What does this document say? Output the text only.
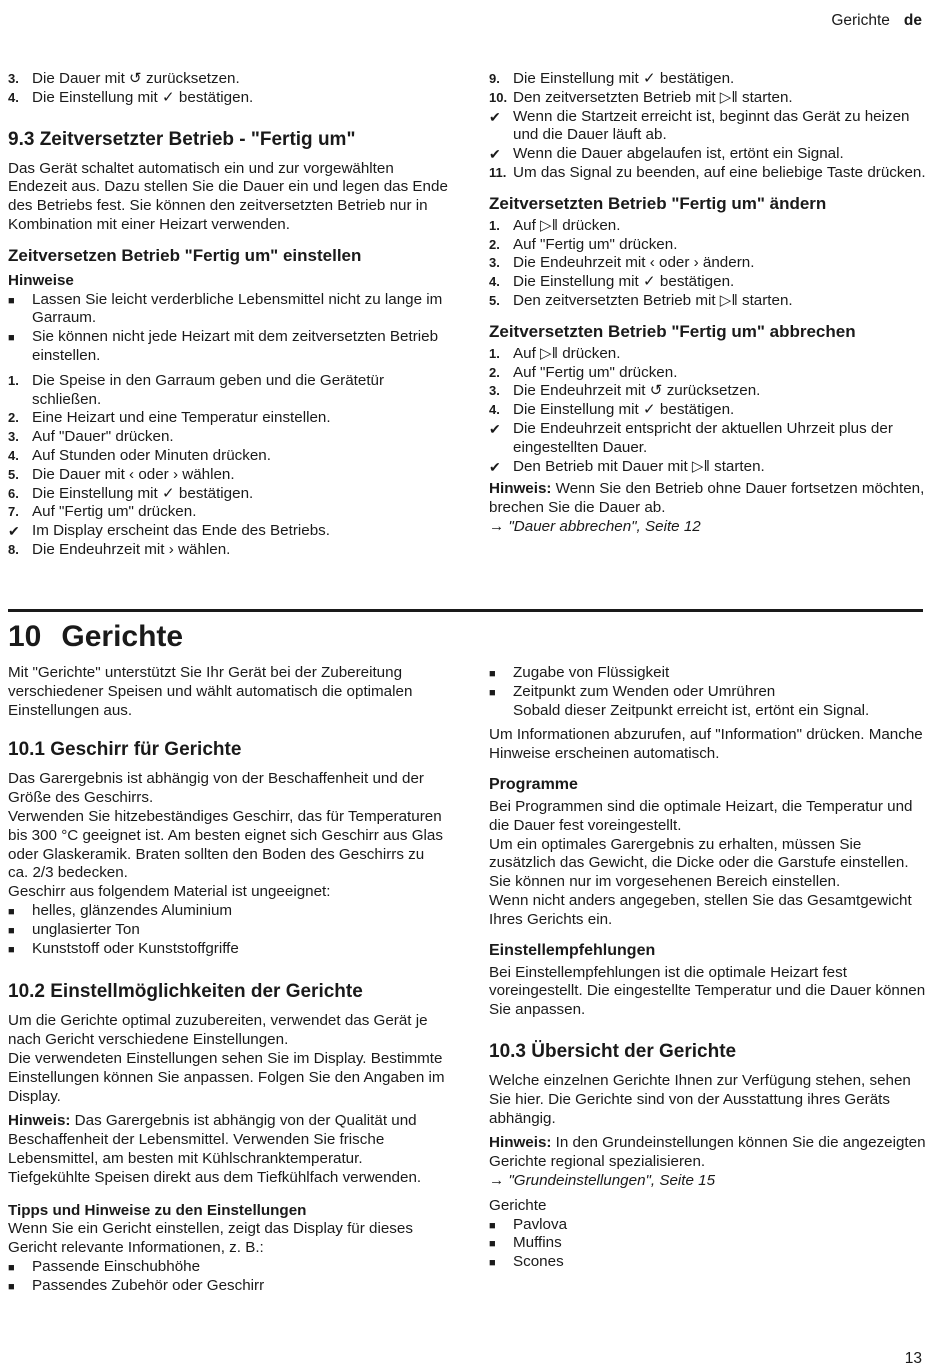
Gerichte de
3. Die Dauer mit ↺ zurücksetzen.
4. Die Einstellung mit ✓ bestätigen.
9.3 Zeitversetzter Betrieb - "Fertig um"

Das Gerät schaltet automatisch ein und zur vorgewählten Endezeit aus. Dazu stellen Sie die Dauer ein und legen das Ende des Betriebs fest. Sie können den zeitversetzten Betrieb nur in Kombination mit einer Heizart verwenden.

Zeitversetzen Betrieb "Fertig um" einstellen
Hinweise
■ Lassen Sie leicht verderbliche Lebensmittel nicht zu lange im Garraum.
■ Sie können nicht jede Heizart mit dem zeitversetzten Betrieb einstellen.
1. Die Speise in den Garraum geben und die Gerätetür schließen.
2. Eine Heizart und eine Temperatur einstellen.
3. Auf "Dauer" drücken.
4. Auf Stunden oder Minuten drücken.
5. Die Dauer mit ‹ oder › wählen.
6. Die Einstellung mit ✓ bestätigen.
7. Auf "Fertig um" drücken.
✔ Im Display erscheint das Ende des Betriebs.
8. Die Endeuhrzeit mit › wählen.
9. Die Einstellung mit ✓ bestätigen.
10. Den zeitversetzten Betrieb mit ▷‖ starten.
✔ Wenn die Startzeit erreicht ist, beginnt das Gerät zu heizen und die Dauer läuft ab.
✔ Wenn die Dauer abgelaufen ist, ertönt ein Signal.
11. Um das Signal zu beenden, auf eine beliebige Taste drücken.
Zeitversetzten Betrieb "Fertig um" ändern
1. Auf ▷‖ drücken.
2. Auf "Fertig um" drücken.
3. Die Endeuhrzeit mit ‹ oder › ändern.
4. Die Einstellung mit ✓ bestätigen.
5. Den zeitversetzten Betrieb mit ▷‖ starten.
Zeitversetzten Betrieb "Fertig um" abbrechen
1. Auf ▷‖ drücken.
2. Auf "Fertig um" drücken.
3. Die Endeuhrzeit mit ↺ zurücksetzen.
4. Die Einstellung mit ✓ bestätigen.
✔ Die Endeuhrzeit entspricht der aktuellen Uhrzeit plus der eingestellten Dauer.
✔ Den Betrieb mit Dauer mit ▷‖ starten.

Hinweis: Wenn Sie den Betrieb ohne Dauer fortsetzen möchten, brechen Sie die Dauer ab.

→ "Dauer abbrechen", Seite 12

10 Gerichte

Mit "Gerichte" unterstützt Sie Ihr Gerät bei der Zubereitung verschiedener Speisen und wählt automatisch die optimalen Einstellungen aus.

10.1 Geschirr für Gerichte

Das Garergebnis ist abhängig von der Beschaffenheit und der Größe des Geschirrs.

Verwenden Sie hitzebeständiges Geschirr, das für Temperaturen bis 300 °C geeignet ist. Am besten eignet sich Geschirr aus Glas oder Glaskeramik. Braten sollten den Boden des Geschirrs zu ca. 2/3 bedecken.

Geschirr aus folgendem Material ist ungeeignet:

■ helles, glänzendes Aluminium
■ unglasierter Ton
■ Kunststoff oder Kunststoffgriffe
10.2 Einstellmöglichkeiten der Gerichte

Um die Gerichte optimal zuzubereiten, verwendet das Gerät je nach Gericht verschiedene Einstellungen.

Die verwendeten Einstellungen sehen Sie im Display. Bestimmte Einstellungen können Sie anpassen. Folgen Sie den Angaben im Display.

Hinweis: Das Garergebnis ist abhängig von der Qualität und Beschaffenheit der Lebensmittel. Verwenden Sie frische Lebensmittel, am besten mit Kühlschranktemperatur. Tiefgekühlte Speisen direkt aus dem Tiefkühlfach verwenden.

Tipps und Hinweise zu den Einstellungen

Wenn Sie ein Gericht einstellen, zeigt das Display für dieses Gericht relevante Informationen, z. B.:

■ Passende Einschubhöhe
■ Passendes Zubehör oder Geschirr
■ Zugabe von Flüssigkeit
■ Zeitpunkt zum Wenden oder Umrühren

Sobald dieser Zeitpunkt erreicht ist, ertönt ein Signal.

Um Informationen abzurufen, auf "Information" drücken. Manche Hinweise erscheinen automatisch.

Programme

Bei Programmen sind die optimale Heizart, die Temperatur und die Dauer fest voreingestellt.

Um ein optimales Garergebnis zu erhalten, müssen Sie zusätzlich das Gewicht, die Dicke oder die Garstufe einstellen. Sie können nur im vorgesehenen Bereich einstellen.

Wenn nicht anders angegeben, stellen Sie das Gesamtgewicht Ihres Gerichts ein.

Einstellempfehlungen

Bei Einstellempfehlungen ist die optimale Heizart fest voreingestellt. Die eingestellte Temperatur und die Dauer können Sie anpassen.

10.3 Übersicht der Gerichte

Welche einzelnen Gerichte Ihnen zur Verfügung stehen, sehen Sie hier. Die Gerichte sind von der Ausstattung ihres Geräts abhängig.

Hinweis: In den Grundeinstellungen können Sie die angezeigten Gerichte regional spezialisieren.

→ "Grundeinstellungen", Seite 15

Gerichte

■ Pavlova
■ Muffins
■ Scones
13
